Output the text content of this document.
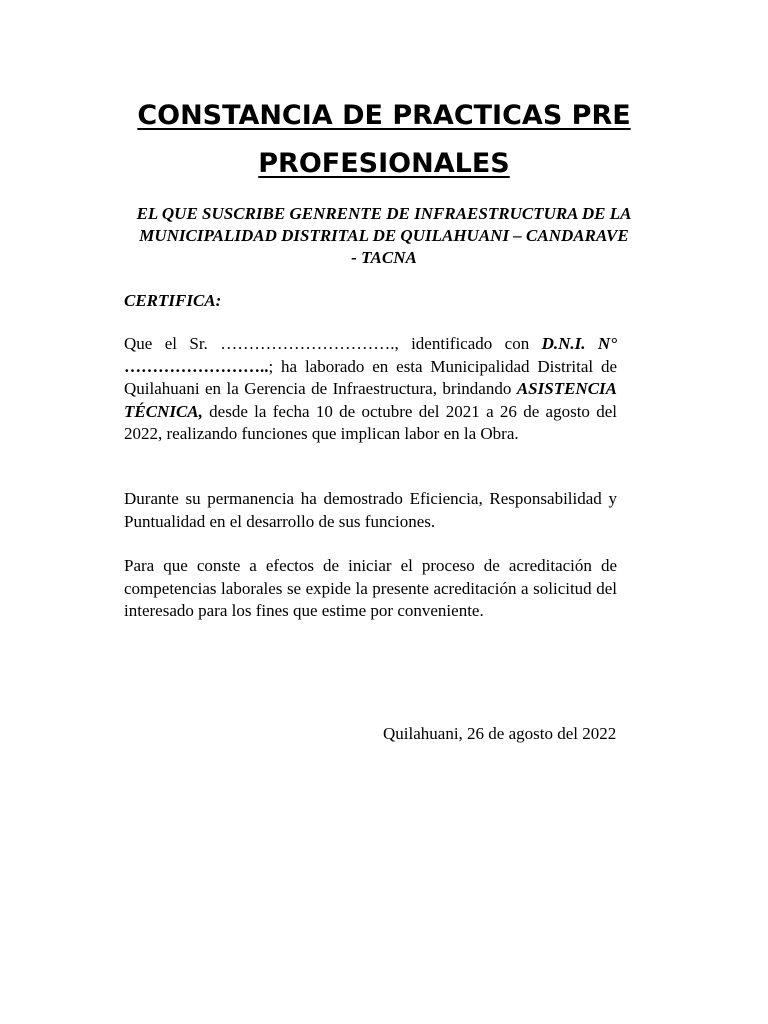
CONSTANCIA DE PRACTICAS PRE PROFESIONALES

EL QUE SUSCRIBE GENRENTE DE INFRAESTRUCTURA DE LA MUNICIPALIDAD DISTRITAL DE QUILAHUANI – CANDARAVE - TACNA

CERTIFICA:

Que el Sr. …………………………., identificado con D.N.I. N° ……………………..; ha laborado en esta Municipalidad Distrital de Quilahuani en la Gerencia de Infraestructura, brindando ASISTENCIA TÉCNICA, desde la fecha 10 de octubre del 2021 a 26 de agosto del 2022, realizando funciones que implican labor en la Obra.

Durante su permanencia ha demostrado Eficiencia, Responsabilidad y Puntualidad en el desarrollo de sus funciones.

Para que conste a efectos de iniciar el proceso de acreditación de competencias laborales se expide la presente acreditación a solicitud del interesado para los fines que estime por conveniente.

Quilahuani, 26 de agosto del 2022
